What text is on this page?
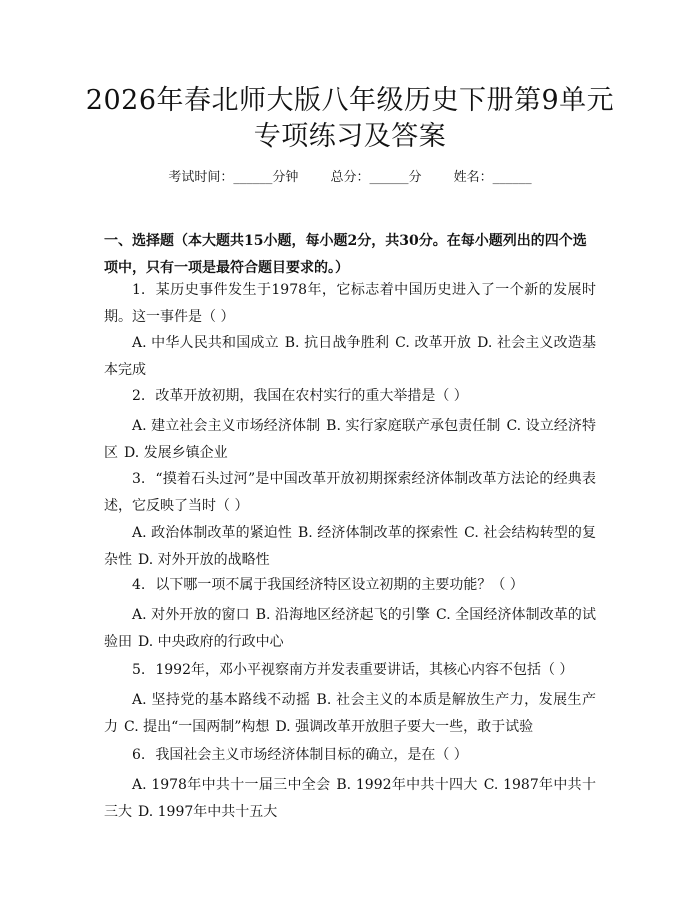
2026年春北师大版八年级历史下册第9单元
专项练习及答案
考试时间：______分钟 总分：______分 姓名：______

一、选择题（本大题共15小题，每小题2分，共30分。在每小题列出的四个选项中，只有一项是最符合题目要求的。）

1. 某历史事件发生于1978年，它标志着中国历史进入了一个新的发展时期。这一事件是（ ）

A. 中华人民共和国成立 B. 抗日战争胜利 C. 改革开放 D. 社会主义改造基本完成

2. 改革开放初期，我国在农村实行的重大举措是（ ）

A. 建立社会主义市场经济体制 B. 实行家庭联产承包责任制 C. 设立经济特区 D. 发展乡镇企业

3. “摸着石头过河”是中国改革开放初期探索经济体制改革方法论的经典表述，它反映了当时（ ）

A. 政治体制改革的紧迫性 B. 经济体制改革的探索性 C. 社会结构转型的复杂性 D. 对外开放的战略性

4. 以下哪一项不属于我国经济特区设立初期的主要功能？（ ）

A. 对外开放的窗口 B. 沿海地区经济起飞的引擎 C. 全国经济体制改革的试验田 D. 中央政府的行政中心

5. 1992年，邓小平视察南方并发表重要讲话，其核心内容不包括（ ）

A. 坚持党的基本路线不动摇 B. 社会主义的本质是解放生产力，发展生产力 C. 提出“一国两制”构想 D. 强调改革开放胆子要大一些，敢于试验

6. 我国社会主义市场经济体制目标的确立，是在（ ）

A. 1978年中共十一届三中全会 B. 1992年中共十四大 C. 1987年中共十三大 D. 1997年中共十五大
